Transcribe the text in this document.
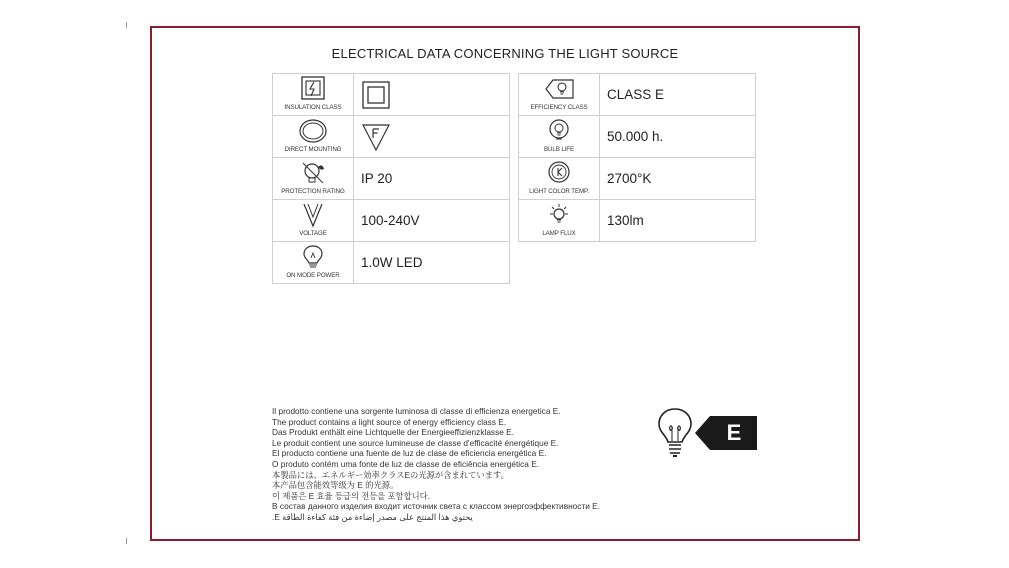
ELECTRICAL DATA CONCERNING THE LIGHT SOURCE
INSULATION CLASS

DIRECT MOUNTING

PROTECTION RATING	IP 20

VOLTAGE	100-240V

ON MODE POWER	1.0W LED
EFFICIENCY CLASS	CLASS E

BULB LIFE	50.000 h.

LIGHT COLOR TEMP.	2700°K

LAMP FLUX	130lm
Il prodotto contiene una sorgente luminosa di classe di efficienza energetica E.
The product contains a light source of energy efficiency class E.
Das Produkt enthält eine Lichtquelle der Energieeffizienzklasse E.
Le produit contient une source lumineuse de classe d'efficacité énergétique E.
El producto contiene una fuente de luz de clase de eficiencia energética E.
O produto contém uma fonte de luz de classe de eficiência energética E.
本製品には、エネルギー効率クラスEの光源が含まれています。
本产品包含能效等级为 E 的光源。
이 제품은 E 효율 등급의 전등을 포함합니다.
В состав данного изделия входит источник света с классом энергоэффективности E.
يحتوي هذا المنتج على مصدر إضاءة من فئة كفاءة الطاقة E.
E
